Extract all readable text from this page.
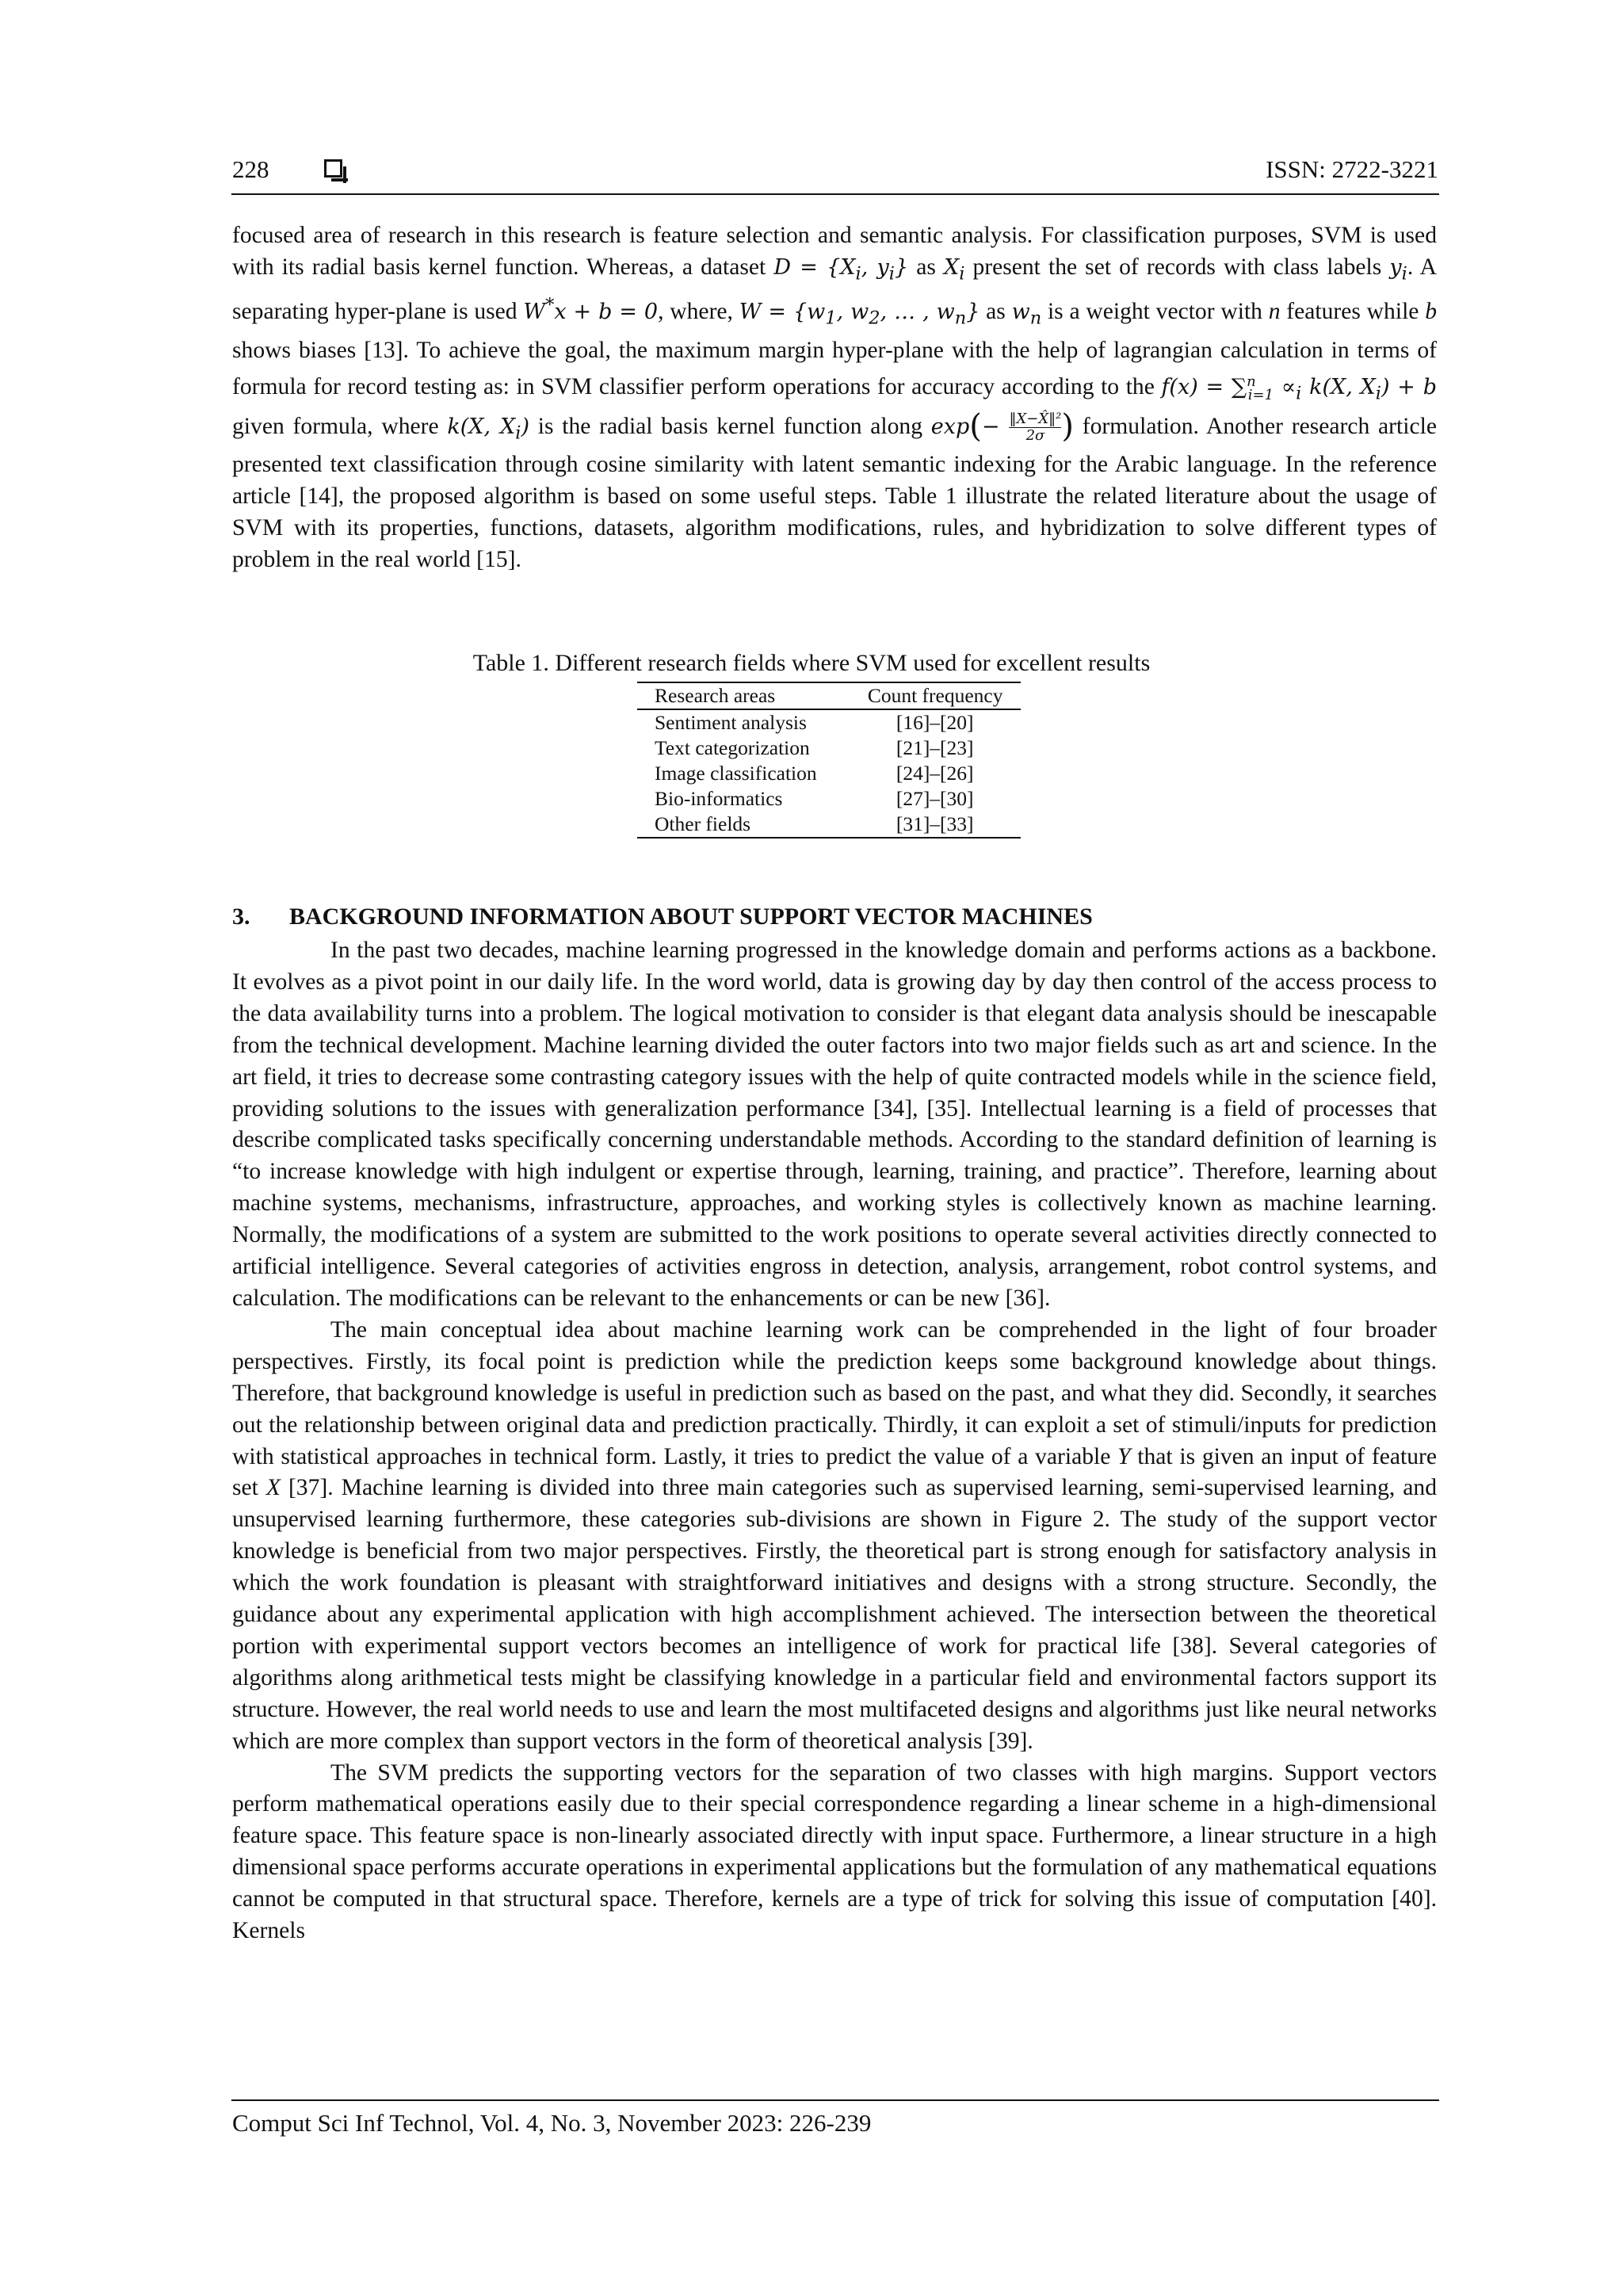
228	ISSN: 2722-3221

focused area of research in this research is feature selection and semantic analysis. For classification purposes, SVM is used with its radial basis kernel function. Whereas, a dataset $D = \{X_i$, $y_i$} as $X_i$ present the set of records with class labels $y_i$. A separating hyper-plane is used W*x + b = 0, where, $W = \{w_1$, $w_2$, … , $w_n$} as $w_n$ is a weight vector with n features while b shows biases [13]. To achieve the goal, the maximum margin hyper-plane with the help of lagrangian calculation in terms of formula for record testing as: in SVM classifier perform operations for accuracy according to the $f(x) = \sum^n_{i=1} \propto_i$ k(X, $X_i) + b$ given formula, where k(X, $X_i$) is the radial basis kernel function along $\exp(- \frac{\text{‖X−X̂‖²}}{2\sigma}$ ) formulation. Another research article presented text classification through cosine similarity with latent semantic indexing for the Arabic language. In the reference article [14], the proposed algorithm is based on some useful steps. Table 1 illustrate the related literature about the usage of SVM with its properties, functions, datasets, algorithm modifications, rules, and hybridization to solve different types of problem in the real world [15].

Table 1. Different research fields where SVM used for excellent results
Research areas	Count frequency
Sentiment analysis	[16]–[20]
Text categorization	[21]–[23]
Image classification	[24]–[26]
Bio-informatics	[27]–[30]
Other fields	[31]–[33]
3. BACKGROUND INFORMATION ABOUT SUPPORT VECTOR MACHINES

In the past two decades, machine learning progressed in the knowledge domain and performs actions as a backbone. It evolves as a pivot point in our daily life. In the word world, data is growing day by day then control of the access process to the data availability turns into a problem. The logical motivation to consider is that elegant data analysis should be inescapable from the technical development. Machine learning divided the outer factors into two major fields such as art and science. In the art field, it tries to decrease some contrasting category issues with the help of quite contracted models while in the science field, providing solutions to the issues with generalization performance [34], [35]. Intellectual learning is a field of processes that describe complicated tasks specifically concerning understandable methods. According to the standard definition of learning is “to increase knowledge with high indulgent or expertise through, learning, training, and practice”. Therefore, learning about machine systems, mechanisms, infrastructure, approaches, and working styles is collectively known as machine learning. Normally, the modifications of a system are submitted to the work positions to operate several activities directly connected to artificial intelligence. Several categories of activities engross in detection, analysis, arrangement, robot control systems, and calculation. The modifications can be relevant to the enhancements or can be new [36].

The main conceptual idea about machine learning work can be comprehended in the light of four broader perspectives. Firstly, its focal point is prediction while the prediction keeps some background knowledge about things. Therefore, that background knowledge is useful in prediction such as based on the past, and what they did. Secondly, it searches out the relationship between original data and prediction practically. Thirdly, it can exploit a set of stimuli/inputs for prediction with statistical approaches in technical form. Lastly, it tries to predict the value of a variable Y that is given an input of feature set X [37]. Machine learning is divided into three main categories such as supervised learning, semi-supervised learning, and unsupervised learning furthermore, these categories sub-divisions are shown in Figure 2. The study of the support vector knowledge is beneficial from two major perspectives. Firstly, the theoretical part is strong enough for satisfactory analysis in which the work foundation is pleasant with straightforward initiatives and designs with a strong structure. Secondly, the guidance about any experimental application with high accomplishment achieved. The intersection between the theoretical portion with experimental support vectors becomes an intelligence of work for practical life [38]. Several categories of algorithms along arithmetical tests might be classifying knowledge in a particular field and environmental factors support its structure. However, the real world needs to use and learn the most multifaceted designs and algorithms just like neural networks which are more complex than support vectors in the form of theoretical analysis [39].

The SVM predicts the supporting vectors for the separation of two classes with high margins. Support vectors perform mathematical operations easily due to their special correspondence regarding a linear scheme in a high-dimensional feature space. This feature space is non-linearly associated directly with input space. Furthermore, a linear structure in a high dimensional space performs accurate operations in experimental applications but the formulation of any mathematical equations cannot be computed in that structural space. Therefore, kernels are a type of trick for solving this issue of computation [40]. Kernels

Comput Sci Inf Technol, Vol. 4, No. 3, November 2023: 226-239
